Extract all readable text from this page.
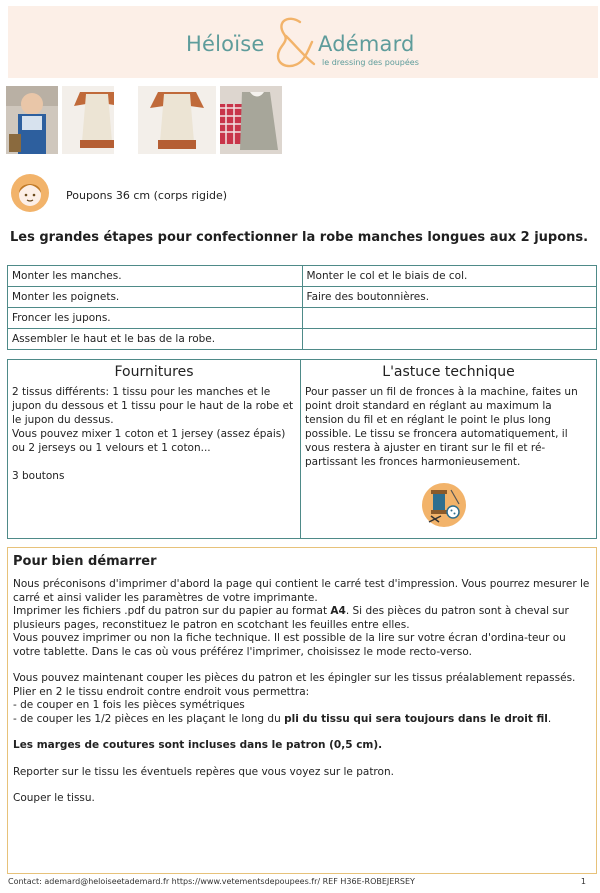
Héloïse	Adémard
le dressing des poupées
Poupons 36 cm (corps rigide)
Les grandes étapes pour confectionner la robe manches longues aux 2 jupons.
Monter les manches.	Monter le col et le biais de col.
Monter les poignets.	Faire des boutonnières.
Froncer les jupons.	
Assembler le haut et le bas de la robe.	
Fournitures

2 tissus différents: 1 tissu pour les manches et le jupon du dessous et 1 tissu pour le haut de la robe et le jupon du dessus.

Vous pouvez mixer 1 coton et 1 jersey (assez épais) ou 2 jerseys ou 1 velours et 1 coton...

3 boutons

L'astuce technique
Pour passer un fil de fronces à la machine, faites un point droit standard en réglant au maximum la tension du fil et en réglant le point le plus long possible. Le tissu se froncera automatiquement, il vous restera à ajuster en tirant sur le fil et ré-partissant les fronces harmonieusement.
Pour bien démarrer

Nous préconisons d'imprimer d'abord la page qui contient le carré test d'impression. Vous pourrez mesurer le carré et ainsi valider les paramètres de votre imprimante.

Imprimer les fichiers .pdf du patron sur du papier au format A4. Si des pièces du patron sont à cheval sur plusieurs pages, reconstituez le patron en scotchant les feuilles entre elles.

Vous pouvez imprimer ou non la fiche technique. Il est possible de la lire sur votre écran d'ordina-teur ou votre tablette. Dans le cas où vous préférez l'imprimer, choisissez le mode recto-verso.

Vous pouvez maintenant couper les pièces du patron et les épingler sur les tissus préalablement repassés.

Plier en 2 le tissu endroit contre endroit vous permettra:

- de couper en 1 fois les pièces symétriques

- de couper les 1/2 pièces en les plaçant le long du pli du tissu qui sera toujours dans le droit fil.

Les marges de coutures sont incluses dans le patron (0,5 cm).

Reporter sur le tissu les éventuels repères que vous voyez sur le patron.

Couper le tissu.

Contact: ademard@heloiseetademard.fr https://www.vetementsdepoupees.fr/ REF H36E-ROBEJERSEY	1
